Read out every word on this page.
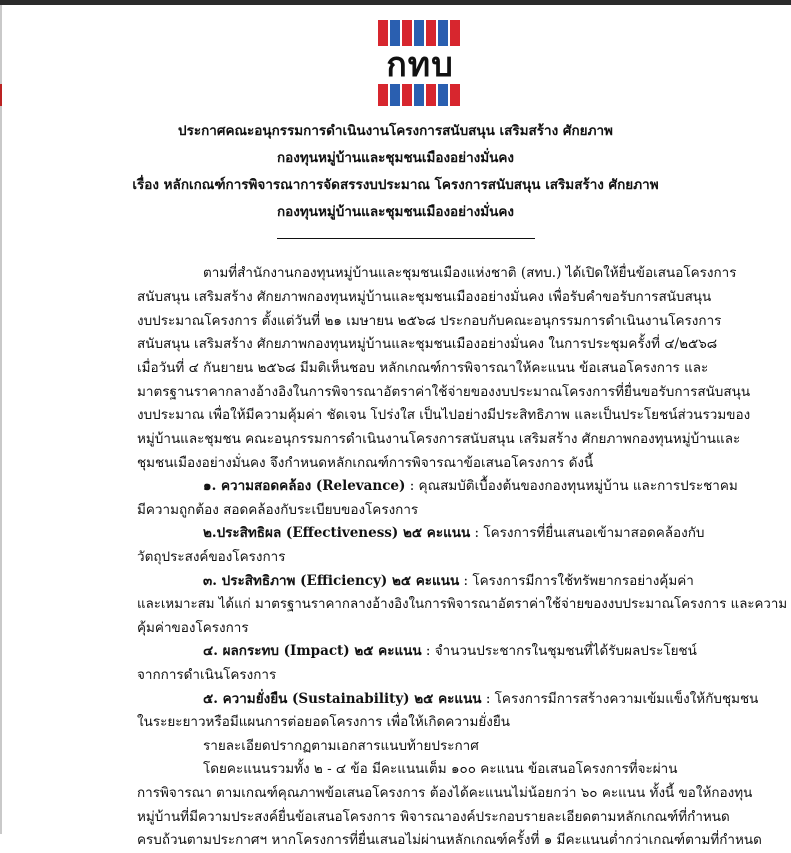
กทบ
ประกาศคณะอนุกรรมการดำเนินงานโครงการสนับสนุน เสริมสร้าง ศักยภาพ
กองทุนหมู่บ้านและชุมชนเมืองอย่างมั่นคง
เรื่อง หลักเกณฑ์การพิจารณาการจัดสรรงบประมาณ โครงการสนับสนุน เสริมสร้าง ศักยภาพ
กองทุนหมู่บ้านและชุมชนเมืองอย่างมั่นคง
ตามที่สำนักงานกองทุนหมู่บ้านและชุมชนเมืองแห่งชาติ (สทบ.) ได้เปิดให้ยื่นข้อเสนอโครงการ
สนับสนุน เสริมสร้าง ศักยภาพกองทุนหมู่บ้านและชุมชนเมืองอย่างมั่นคง เพื่อรับคำขอรับการสนับสนุน
งบประมาณโครงการ ตั้งแต่วันที่ ๒๑ เมษายน ๒๕๖๘ ประกอบกับคณะอนุกรรมการดำเนินงานโครงการ
สนับสนุน เสริมสร้าง ศักยภาพกองทุนหมู่บ้านและชุมชนเมืองอย่างมั่นคง ในการประชุมครั้งที่ ๔/๒๕๖๘
เมื่อวันที่ ๔ กันยายน ๒๕๖๘ มีมติเห็นชอบ หลักเกณฑ์การพิจารณาให้คะแนน ข้อเสนอโครงการ และ
มาตรฐานราคากลางอ้างอิงในการพิจารณาอัตราค่าใช้จ่ายของงบประมาณโครงการที่ยื่นขอรับการสนับสนุน
งบประมาณ เพื่อให้มีความคุ้มค่า ชัดเจน โปร่งใส เป็นไปอย่างมีประสิทธิภาพ และเป็นประโยชน์ส่วนรวมของ
หมู่บ้านและชุมชน คณะอนุกรรมการดำเนินงานโครงการสนับสนุน เสริมสร้าง ศักยภาพกองทุนหมู่บ้านและ
ชุมชนเมืองอย่างมั่นคง จึงกำหนดหลักเกณฑ์การพิจารณาข้อเสนอโครงการ ดังนี้
๑. ความสอดคล้อง (Relevance) : คุณสมบัติเบื้องต้นของกองทุนหมู่บ้าน และการประชาคม
มีความถูกต้อง สอดคล้องกับระเบียบของโครงการ
๒.ประสิทธิผล (Effectiveness) ๒๕ คะแนน : โครงการที่ยื่นเสนอเข้ามาสอดคล้องกับ
วัตถุประสงค์ของโครงการ
๓. ประสิทธิภาพ (Efficiency) ๒๕ คะแนน : โครงการมีการใช้ทรัพยากรอย่างคุ้มค่า
และเหมาะสม ได้แก่ มาตรฐานราคากลางอ้างอิงในการพิจารณาอัตราค่าใช้จ่ายของงบประมาณโครงการ และความ
คุ้มค่าของโครงการ
๔. ผลกระทบ (Impact) ๒๕ คะแนน : จำนวนประชากรในชุมชนที่ได้รับผลประโยชน์
จากการดำเนินโครงการ
๕. ความยั่งยืน (Sustainability) ๒๕ คะแนน : โครงการมีการสร้างความเข้มแข็งให้กับชุมชน
ในระยะยาวหรือมีแผนการต่อยอดโครงการ เพื่อให้เกิดความยั่งยืน
รายละเอียดปรากฏตามเอกสารแนบท้ายประกาศ
โดยคะแนนรวมทั้ง ๒ - ๔ ข้อ มีคะแนนเต็ม ๑๐๐ คะแนน ข้อเสนอโครงการที่จะผ่าน
การพิจารณา ตามเกณฑ์คุณภาพข้อเสนอโครงการ ต้องได้คะแนนไม่น้อยกว่า ๖๐ คะแนน ทั้งนี้ ขอให้กองทุน
หมู่บ้านที่มีความประสงค์ยื่นข้อเสนอโครงการ พิจารณาองค์ประกอบรายละเอียดตามหลักเกณฑ์ที่กำหนด
ครบถ้วนตามประกาศฯ หากโครงการที่ยื่นเสนอไม่ผ่านหลักเกณฑ์ครั้งที่ ๑ มีคะแนนต่ำกว่าเกณฑ์ตามที่กำหนด
